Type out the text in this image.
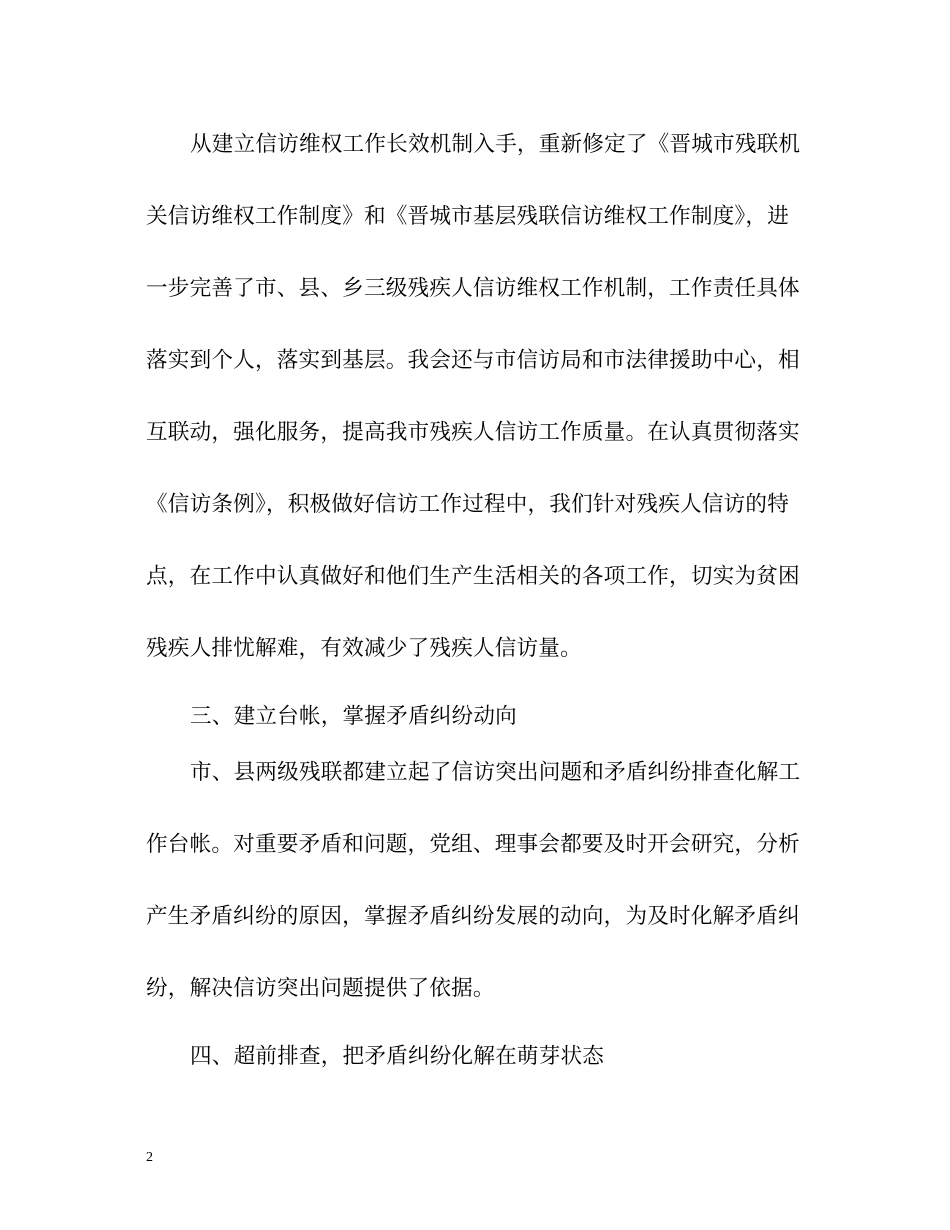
从建立信访维权工作长效机制入手，重新修定了《晋城市残联机
关信访维权工作制度》和《晋城市基层残联信访维权工作制度》，进
一步完善了市、县、乡三级残疾人信访维权工作机制，工作责任具体
落实到个人，落实到基层。我会还与市信访局和市法律援助中心，相
互联动，强化服务，提高我市残疾人信访工作质量。在认真贯彻落实
《信访条例》，积极做好信访工作过程中，我们针对残疾人信访的特
点，在工作中认真做好和他们生产生活相关的各项工作，切实为贫困
残疾人排忧解难，有效减少了残疾人信访量。
三、建立台帐，掌握矛盾纠纷动向
市、县两级残联都建立起了信访突出问题和矛盾纠纷排查化解工
作台帐。对重要矛盾和问题，党组、理事会都要及时开会研究，分析
产生矛盾纠纷的原因，掌握矛盾纠纷发展的动向，为及时化解矛盾纠
纷，解决信访突出问题提供了依据。
四、超前排查，把矛盾纠纷化解在萌芽状态
2
